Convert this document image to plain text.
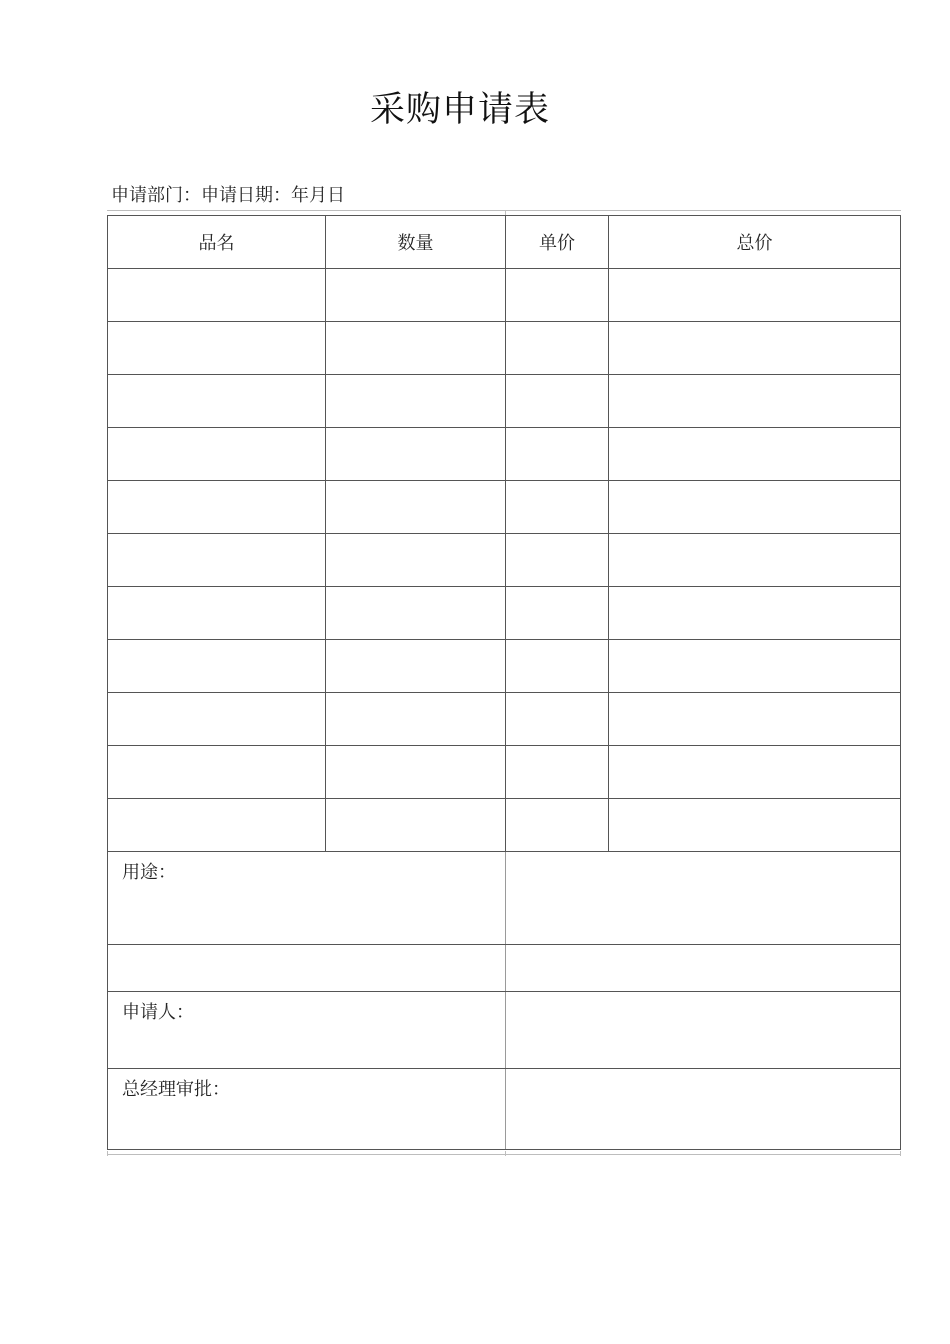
采购申请表
申请部门：申请日期：年月日
品名	数量	单价	总价

用途：			

申请人：			
总经理审批：			
